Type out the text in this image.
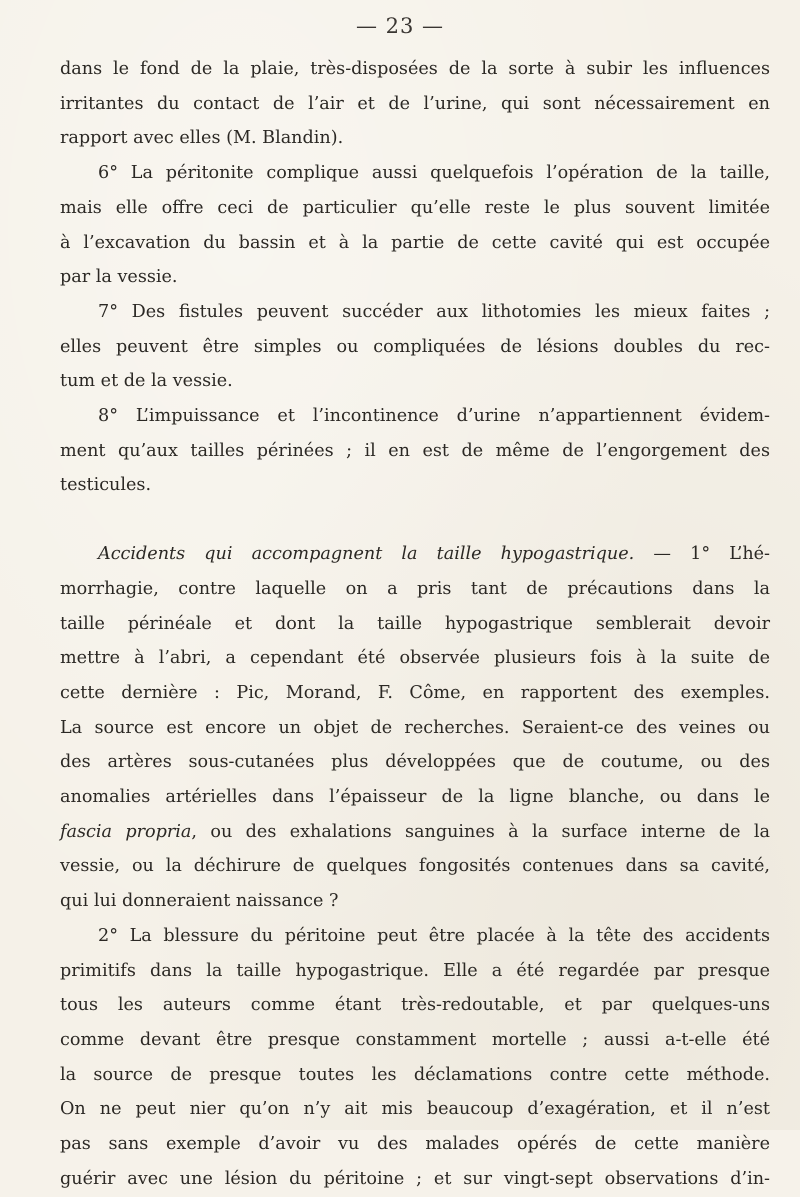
— 23 —

dans le fond de la plaie, très-disposées de la sorte à subir les influences
irritantes du contact de l’air et de l’urine, qui sont nécessairement en
rapport avec elles (M. Blandin).

6° La péritonite complique aussi quelquefois l’opération de la taille,
mais elle offre ceci de particulier qu’elle reste le plus souvent limitée
à l’excavation du bassin et à la partie de cette cavité qui est occupée
par la vessie.

7° Des fistules peuvent succéder aux lithotomies les mieux faites ;
elles peuvent être simples ou compliquées de lésions doubles du rec-
tum et de la vessie.

8° L’impuissance et l’incontinence d’urine n’appartiennent évidem-
ment qu’aux tailles périnées ; il en est de même de l’engorgement des
testicules.

Accidents qui accompagnent la taille hypogastrique. — 1° L’hé-
morrhagie, contre laquelle on a pris tant de précautions dans la
taille périnéale et dont la taille hypogastrique semblerait devoir
mettre à l’abri, a cependant été observée plusieurs fois à la suite de
cette dernière : Pic, Morand, F. Côme, en rapportent des exemples.
La source est encore un objet de recherches. Seraient-ce des veines ou
des artères sous-cutanées plus développées que de coutume, ou des
anomalies artérielles dans l’épaisseur de la ligne blanche, ou dans le
fascia propria, ou des exhalations sanguines à la surface interne de la
vessie, ou la déchirure de quelques fongosités contenues dans sa cavité,
qui lui donneraient naissance ?

2° La blessure du péritoine peut être placée à la tête des accidents
primitifs dans la taille hypogastrique. Elle a été regardée par presque
tous les auteurs comme étant très-redoutable, et par quelques-uns
comme devant être presque constamment mortelle ; aussi a-t-elle été
la source de presque toutes les déclamations contre cette méthode.
On ne peut nier qu’on n’y ait mis beaucoup d’exagération, et il n’est
pas sans exemple d’avoir vu des malades opérés de cette manière
guérir avec une lésion du péritoine ; et sur vingt-sept observations d’in-
